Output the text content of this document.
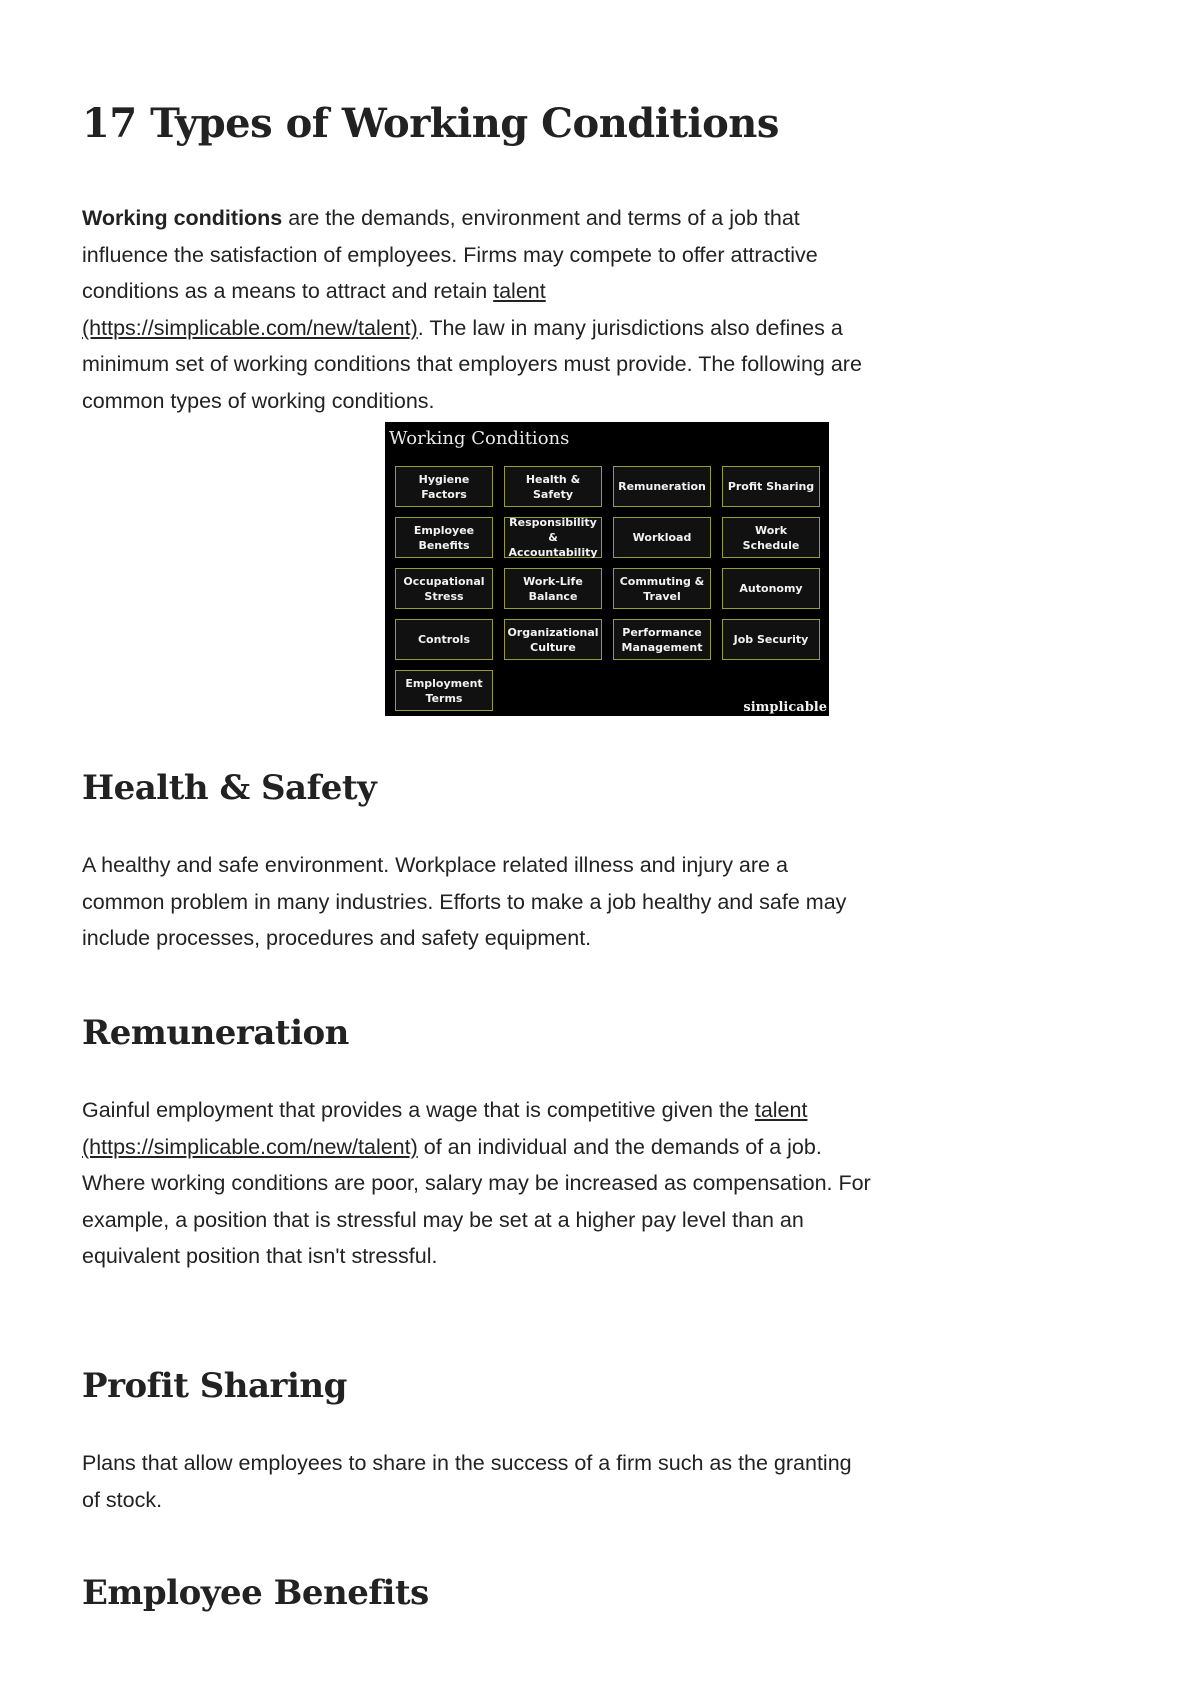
17 Types of Working Conditions

Working conditions are the demands, environment and terms of a job that influence the satisfaction of employees. Firms may compete to offer attractive conditions as a means to attract and retain talent (https://simplicable.com/new/talent). The law in many jurisdictions also defines a minimum set of working conditions that employers must provide. The following are common types of working conditions.

Health & Safety

A healthy and safe environment. Workplace related illness and injury are a common problem in many industries. Efforts to make a job healthy and safe may include processes, procedures and safety equipment.

Remuneration

Gainful employment that provides a wage that is competitive given the talent (https://simplicable.com/new/talent) of an individual and the demands of a job. Where working conditions are poor, salary may be increased as compensation. For example, a position that is stressful may be set at a higher pay level than an equivalent position that isn't stressful.

Profit Sharing

Plans that allow employees to share in the success of a firm such as the granting of stock.

Employee Benefits
Working Conditions
Hygiene Factors
Health & Safety
Remuneration	Profit Sharing
Employee Benefits
Responsibility & Accountability
Workload
Work Schedule
Occupational Stress
Work-Life Balance
Commuting & Travel
Autonomy
Controls
Organizational Culture
Performance Management
Job Security
Employment Terms
simplicable
